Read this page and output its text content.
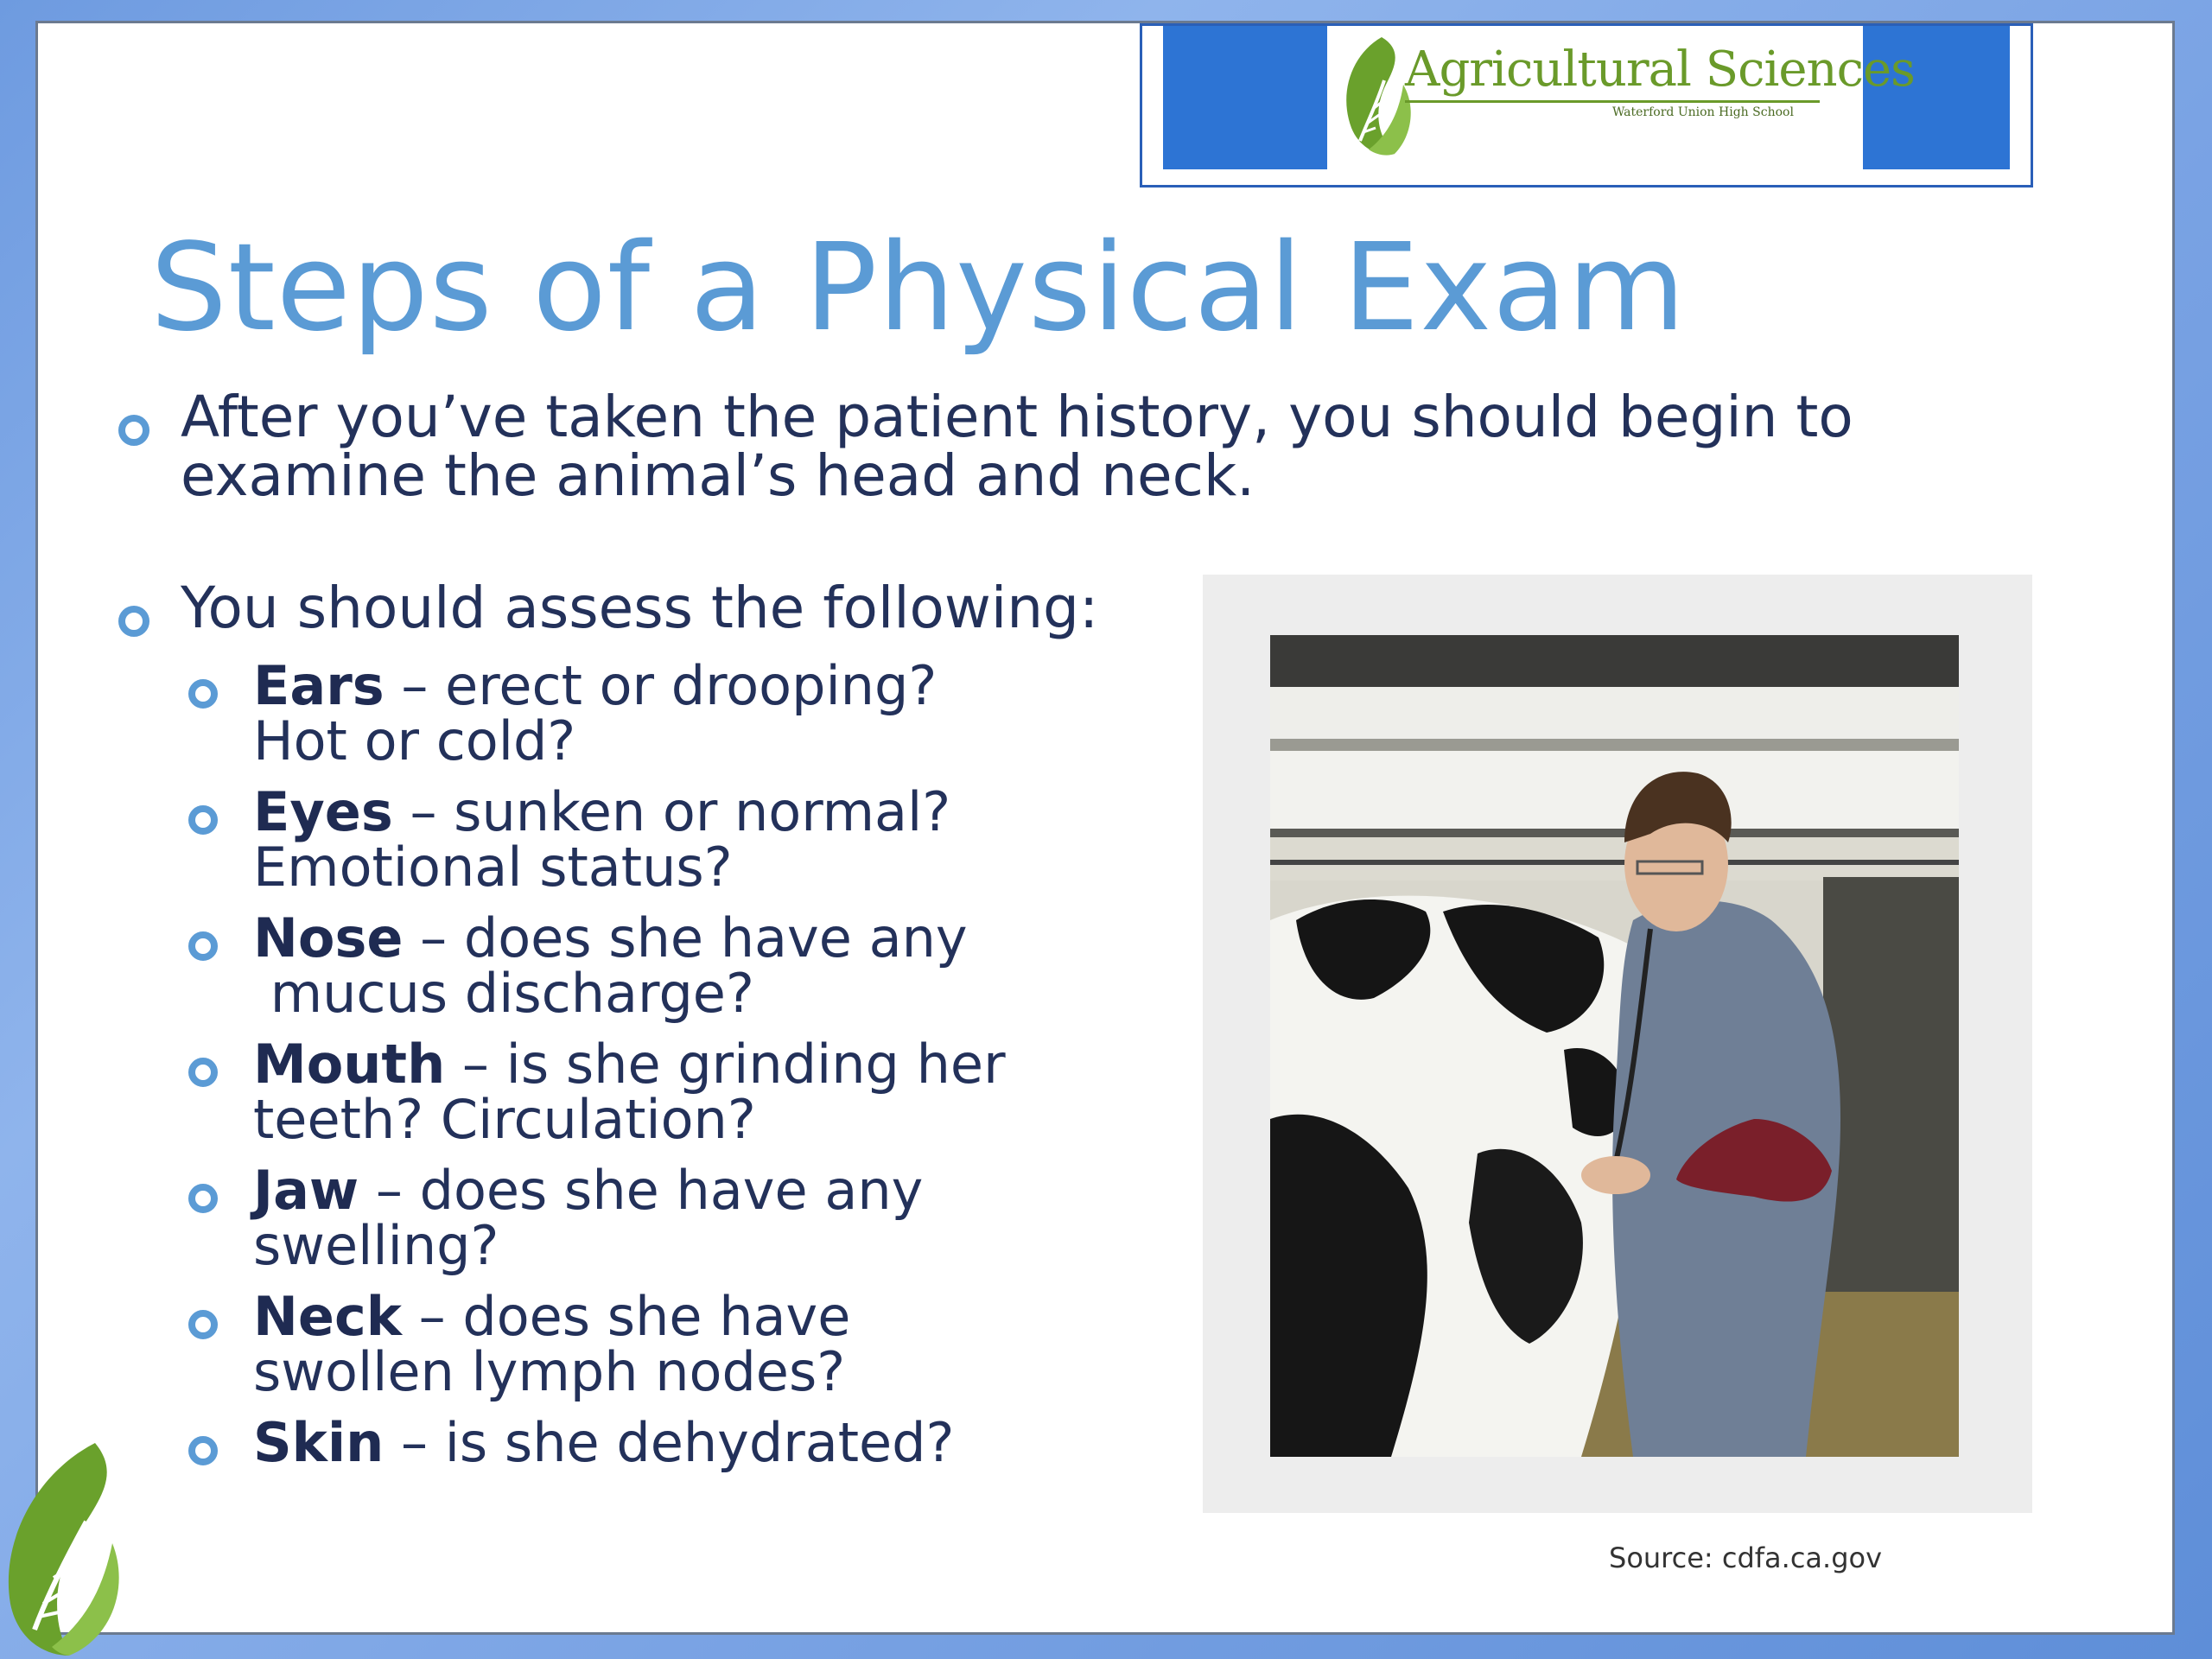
Agricultural Sciences
Waterford Union High School
Steps of a Physical Exam
After you’ve taken the patient history, you should begin to
examine the animal’s head and neck.
You should assess the following:
Ears – erect or drooping?
Hot or cold?
Eyes – sunken or normal?
Emotional status?
Nose – does she have any
mucus discharge?
Mouth – is she grinding her
teeth? Circulation?
Jaw – does she have any
swelling?
Neck – does she have
swollen lymph nodes?
Skin – is she dehydrated?
Source: cdfa.ca.gov
